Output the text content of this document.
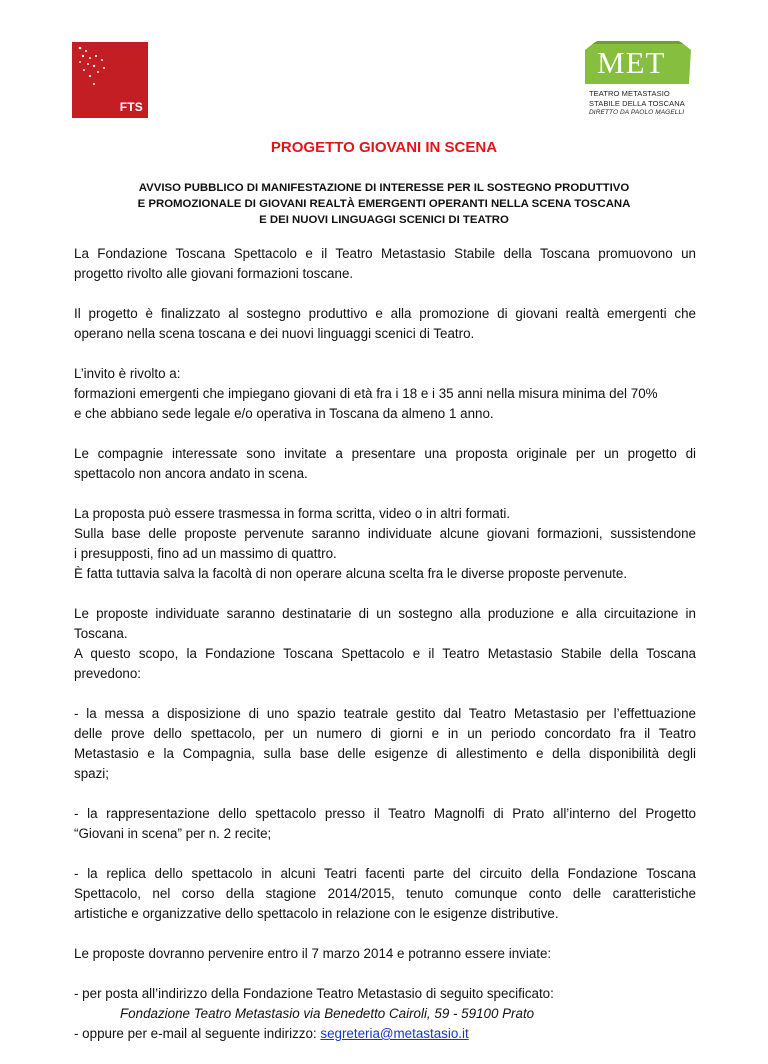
FTS
MET
TEATRO METASTASIO
STABILE DELLA TOSCANA
DIRETTO DA PAOLO MAGELLI
PROGETTO GIOVANI IN SCENA
AVVISO PUBBLICO DI MANIFESTAZIONE DI INTERESSE PER IL SOSTEGNO PRODUTTIVO
E PROMOZIONALE DI GIOVANI REALTÀ EMERGENTI OPERANTI NELLA SCENA TOSCANA
E DEI NUOVI LINGUAGGI SCENICI DI TEATRO

La Fondazione Toscana Spettacolo e il Teatro Metastasio Stabile della Toscana promuovono un
progetto rivolto alle giovani formazioni toscane.

Il progetto è finalizzato al sostegno produttivo e alla promozione di giovani realtà emergenti che
operano nella scena toscana e dei nuovi linguaggi scenici di Teatro.

L’invito è rivolto a:
formazioni emergenti che impiegano giovani di età fra i 18 e i 35 anni nella misura minima del 70%
e che abbiano sede legale e/o operativa in Toscana da almeno 1 anno.

Le compagnie interessate sono invitate a presentare una proposta originale per un progetto di
spettacolo non ancora andato in scena.

La proposta può essere trasmessa in forma scritta, video o in altri formati.
Sulla base delle proposte pervenute saranno individuate alcune giovani formazioni, sussistendone
i presupposti, fino ad un massimo di quattro.
È fatta tuttavia salva la facoltà di non operare alcuna scelta fra le diverse proposte pervenute.

Le proposte individuate saranno destinatarie di un sostegno alla produzione e alla circuitazione in
Toscana.
A questo scopo, la Fondazione Toscana Spettacolo e il Teatro Metastasio Stabile della Toscana
prevedono:

- la messa a disposizione di uno spazio teatrale gestito dal Teatro Metastasio per l’effettuazione
delle prove dello spettacolo, per un numero di giorni e in un periodo concordato fra il Teatro
Metastasio e la Compagnia, sulla base delle esigenze di allestimento e della disponibilità degli
spazi;

- la rappresentazione dello spettacolo presso il Teatro Magnolfi di Prato all’interno del Progetto
“Giovani in scena” per n. 2 recite;

- la replica dello spettacolo in alcuni Teatri facenti parte del circuito della Fondazione Toscana
Spettacolo, nel corso della stagione 2014/2015, tenuto comunque conto delle caratteristiche
artistiche e organizzative dello spettacolo in relazione con le esigenze distributive.

Le proposte dovranno pervenire entro il 7 marzo 2014 e potranno essere inviate:

- per posta all’indirizzo della Fondazione Teatro Metastasio di seguito specificato:
Fondazione Teatro Metastasio via Benedetto Cairoli, 59 - 59100 Prato
- oppure per e-mail al seguente indirizzo: segreteria@metastasio.it
